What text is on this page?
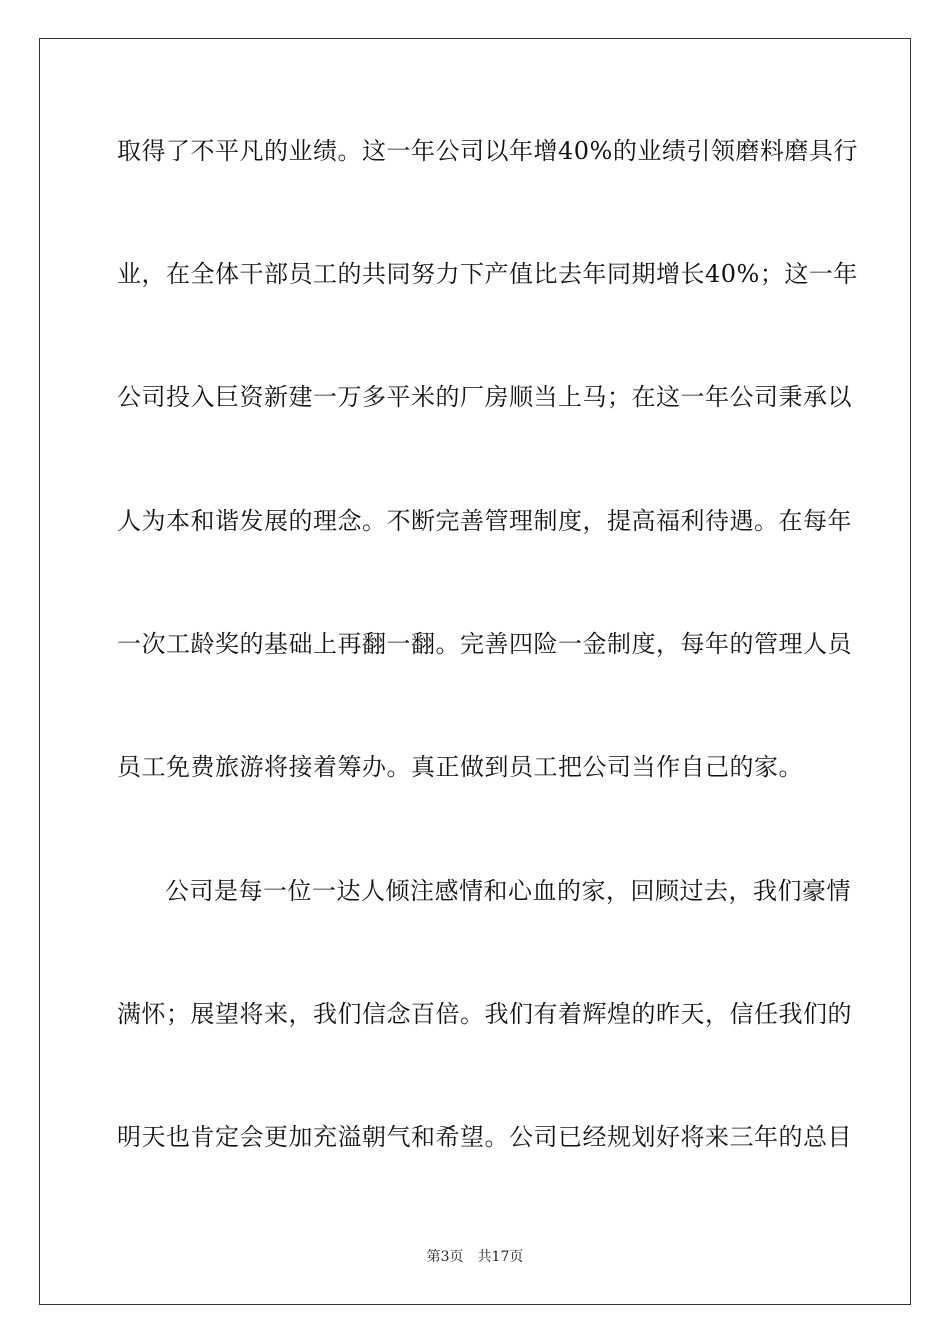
取得了不平凡的业绩。这一年公司以年增40%的业绩引领磨料磨具行
业，在全体干部员工的共同努力下产值比去年同期增长40%；这一年
公司投入巨资新建一万多平米的厂房顺当上马；在这一年公司秉承以
人为本和谐发展的理念。不断完善管理制度，提高福利待遇。在每年
一次工龄奖的基础上再翻一翻。完善四险一金制度，每年的管理人员
员工免费旅游将接着筹办。真正做到员工把公司当作自己的家。
公司是每一位一达人倾注感情和心血的家，回顾过去，我们豪情
满怀；展望将来，我们信念百倍。我们有着辉煌的昨天，信任我们的
明天也肯定会更加充溢朝气和希望。公司已经规划好将来三年的总目
第3页 共17页
